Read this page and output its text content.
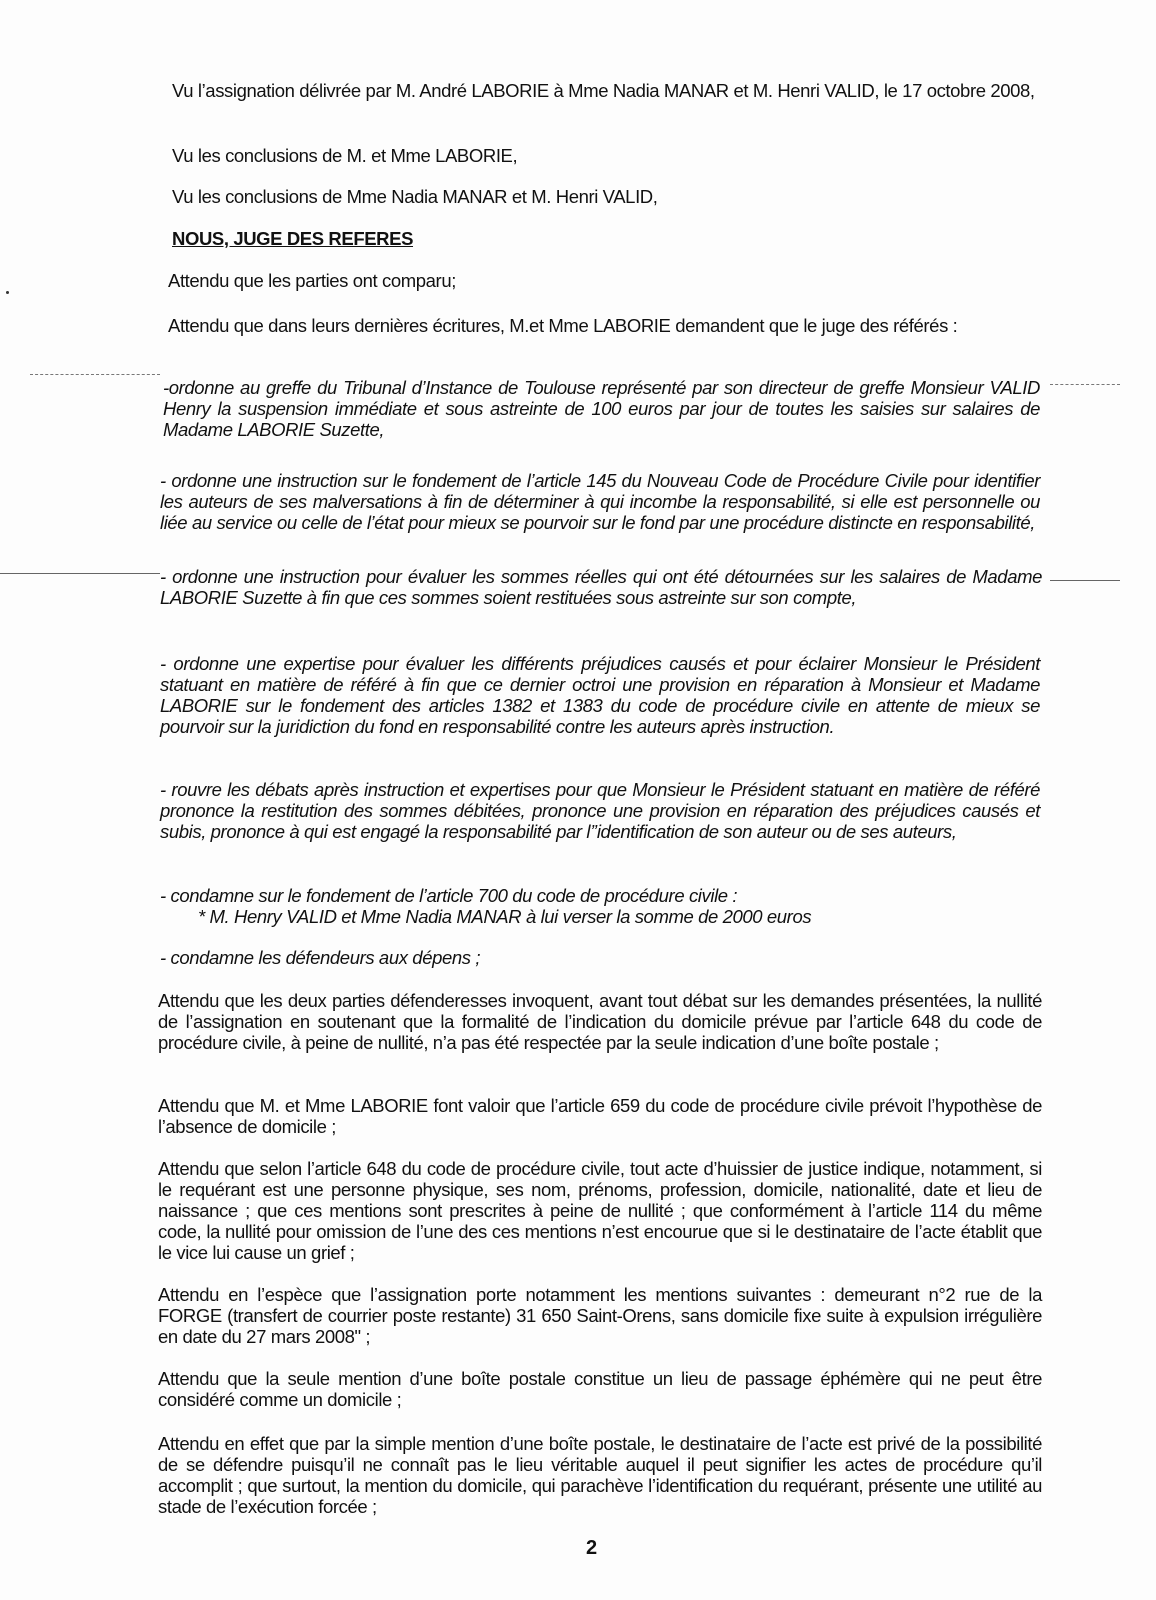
Vu l’assignation délivrée par M. André LABORIE à Mme Nadia MANAR et M. Henri VALID, le 17 octobre 2008,

Vu les conclusions de M. et Mme LABORIE,

Vu les conclusions de Mme Nadia MANAR et M. Henri VALID,

NOUS, JUGE DES REFERES

Attendu que les parties ont comparu;

Attendu que dans leurs dernières écritures, M.et Mme LABORIE demandent que le juge des référés :

-ordonne au greffe du Tribunal d’Instance de Toulouse représenté par son directeur de greffe Monsieur VALID Henry la suspension immédiate et sous astreinte de 100 euros par jour de toutes les saisies sur salaires de Madame LABORIE Suzette,

- ordonne une instruction sur le fondement de l’article 145 du Nouveau Code de Procédure Civile pour identifier les auteurs de ses malversations à fin de déterminer à qui incombe la responsabilité, si elle est personnelle ou liée au service ou celle de l’état pour mieux se pourvoir sur le fond par une procédure distincte en responsabilité,

- ordonne une instruction pour évaluer les sommes réelles qui ont été détournées sur les salaires de Madame LABORIE Suzette à fin que ces sommes soient restituées sous astreinte sur son compte,

- ordonne une expertise pour évaluer les différents préjudices causés et pour éclairer Monsieur le Président statuant en matière de référé à fin que ce dernier octroi une provision en réparation à Monsieur et Madame LABORIE sur le fondement des articles 1382 et 1383 du code de procédure civile en attente de mieux se pourvoir sur la juridiction du fond en responsabilité contre les auteurs après instruction.

- rouvre les débats après instruction et expertises pour que Monsieur le Président statuant en matière de référé prononce la restitution des sommes débitées, prononce une provision en réparation des préjudices causés et subis, prononce à qui est engagé la responsabilité par l’’identification de son auteur ou de ses auteurs,

- condamne sur le fondement de l’article 700 du code de procédure civile :

* M. Henry VALID et Mme Nadia MANAR à lui verser la somme de 2000 euros

- condamne les défendeurs aux dépens ;

Attendu que les deux parties défenderesses invoquent, avant tout débat sur les demandes présentées, la nullité de l’assignation en soutenant que la formalité de l’indication du domicile prévue par l’article 648 du code de procédure civile, à peine de nullité, n’a pas été respectée par la seule indication d’une boîte postale ;

Attendu que M. et Mme LABORIE font valoir que l’article 659 du code de procédure civile prévoit l’hypothèse de l’absence de domicile ;

Attendu que selon l’article 648 du code de procédure civile, tout acte d’huissier de justice indique, notamment, si le requérant est une personne physique, ses nom, prénoms, profession, domicile, nationalité, date et lieu de naissance ; que ces mentions sont prescrites à peine de nullité ; que conformément à l’article 114 du même code, la nullité pour omission de l’une des ces mentions n’est encourue que si le destinataire de l’acte établit que le vice lui cause un grief ;

Attendu en l’espèce que l’assignation porte notamment les mentions suivantes : demeurant n°2 rue de la FORGE (transfert de courrier poste restante) 31 650 Saint-Orens, sans domicile fixe suite à expulsion irrégulière en date du 27 mars 2008" ;

Attendu que la seule mention d’une boîte postale constitue un lieu de passage éphémère qui ne peut être considéré comme un domicile ;

Attendu en effet que par la simple mention d’une boîte postale, le destinataire de l’acte est privé de la possibilité de se défendre puisqu’il ne connaît pas le lieu véritable auquel il peut signifier les actes de procédure qu’il accomplit ; que surtout, la mention du domicile, qui parachève l’identification du requérant, présente une utilité au stade de l’exécution forcée ;

2
